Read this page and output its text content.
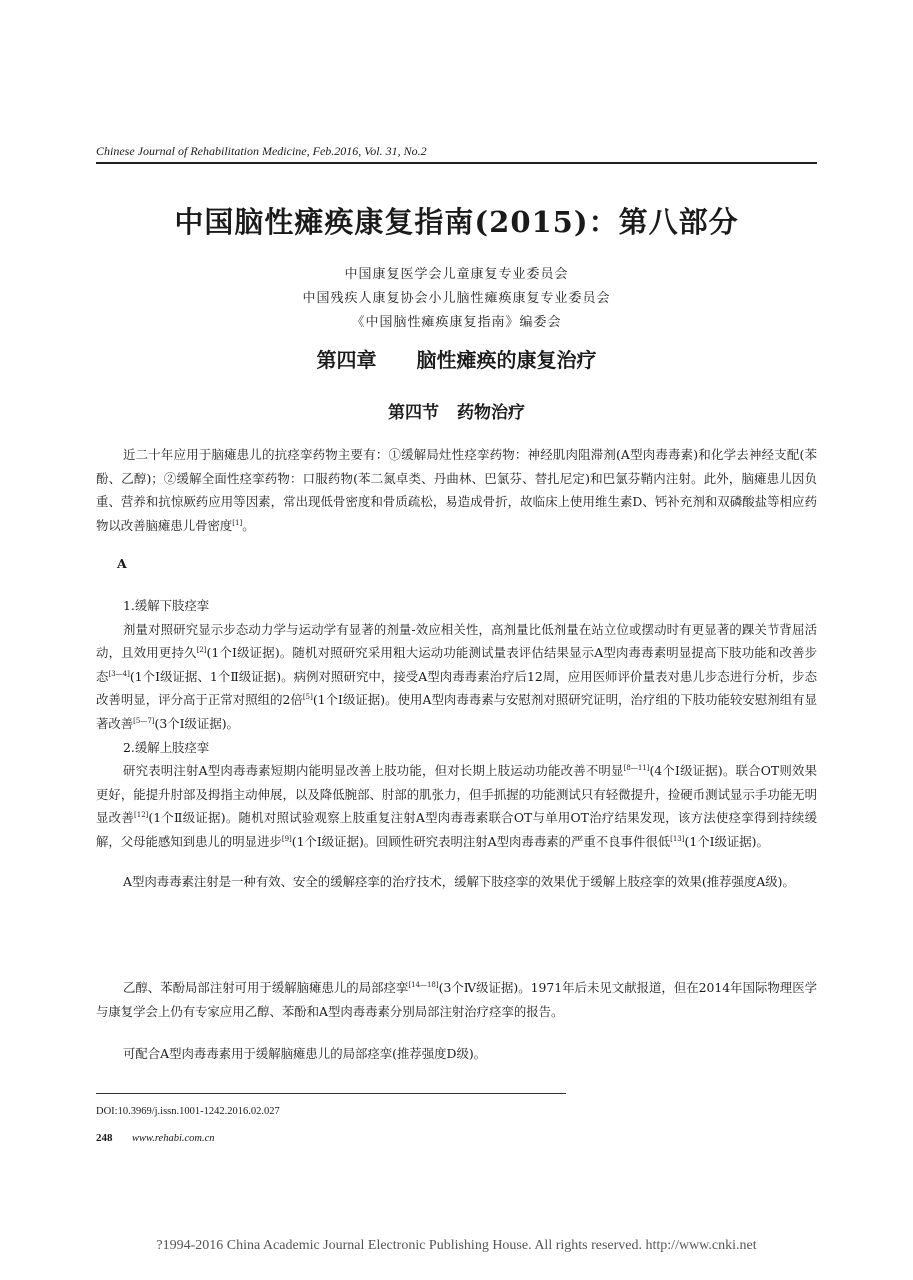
Chinese Journal of Rehabilitation Medicine, Feb.2016, Vol. 31, No.2
中国脑性瘫痪康复指南(2015)：第八部分
中国康复医学会儿童康复专业委员会
中国残疾人康复协会小儿脑性瘫痪康复专业委员会
《中国脑性瘫痪康复指南》编委会
第四章 脑性瘫痪的康复治疗
第四节 药物治疗
近二十年应用于脑瘫患儿的抗痉挛药物主要有：①缓解局灶性痉挛药物：神经肌肉阻滞剂(A型肉毒毒素)和化学去神经支配(苯酚、乙醇)；②缓解全面性痉挛药物：口服药物(苯二氮卓类、丹曲林、巴氯芬、替扎尼定)和巴氯芬鞘内注射。此外，脑瘫患儿因负重、营养和抗惊厥药应用等因素，常出现低骨密度和骨质疏松，易造成骨折，故临床上使用维生素D、钙补充剂和双磷酸盐等相应药物以改善脑瘫患儿骨密度[1]。
A
1.缓解下肢痉挛
剂量对照研究显示步态动力学与运动学有显著的剂量-效应相关性，高剂量比低剂量在站立位或摆动时有更显著的踝关节背屈活动，且效用更持久[2](1个Ⅰ级证据)。随机对照研究采用粗大运动功能测试量表评估结果显示A型肉毒毒素明显提高下肢功能和改善步态[3—4](1个Ⅰ级证据、1个Ⅱ级证据)。病例对照研究中，接受A型肉毒毒素治疗后12周，应用医师评价量表对患儿步态进行分析，步态改善明显，评分高于正常对照组的2倍[5](1个Ⅰ级证据)。使用A型肉毒毒素与安慰剂对照研究证明，治疗组的下肢功能较安慰剂组有显著改善[5—7](3个Ⅰ级证据)。
2.缓解上肢痉挛
研究表明注射A型肉毒毒素短期内能明显改善上肢功能，但对长期上肢运动功能改善不明显[8—11](4个Ⅰ级证据)。联合OT则效果更好，能提升肘部及拇指主动伸展，以及降低腕部、肘部的肌张力，但手抓握的功能测试只有轻微提升，捡硬币测试显示手功能无明显改善[12](1个Ⅱ级证据)。随机对照试验观察上肢重复注射A型肉毒毒素联合OT与单用OT治疗结果发现，该方法使痉挛得到持续缓解，父母能感知到患儿的明显进步[9](1个Ⅰ级证据)。回顾性研究表明注射A型肉毒毒素的严重不良事件很低[13](1个Ⅰ级证据)。
A型肉毒毒素注射是一种有效、安全的缓解痉挛的治疗技术，缓解下肢痉挛的效果优于缓解上肢痉挛的效果(推荐强度A级)。
乙醇、苯酚局部注射可用于缓解脑瘫患儿的局部痉挛[14—18](3个Ⅳ级证据)。1971年后未见文献报道，但在2014年国际物理医学与康复学会上仍有专家应用乙醇、苯酚和A型肉毒毒素分别局部注射治疗痉挛的报告。
可配合A型肉毒毒素用于缓解脑瘫患儿的局部痉挛(推荐强度D级)。
DOI:10.3969/j.issn.1001-1242.2016.02.027
248 www.rehabi.com.cn
?1994-2016 China Academic Journal Electronic Publishing House. All rights reserved. http://www.cnki.net
